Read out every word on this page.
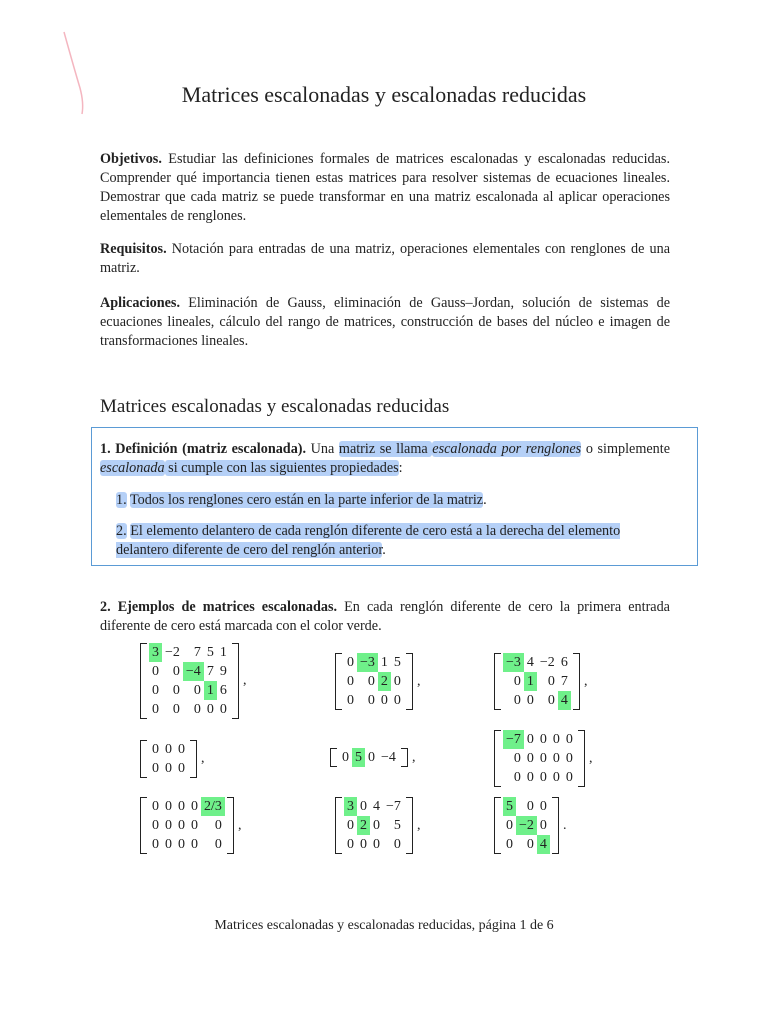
Matrices escalonadas y escalonadas reducidas
Objetivos. Estudiar las definiciones formales de matrices escalonadas y escalonadas reducidas. Comprender qué importancia tienen estas matrices para resolver sistemas de ecuaciones lineales. Demostrar que cada matriz se puede transformar en una matriz escalonada al aplicar operaciones elementales de renglones.
Requisitos. Notación para entradas de una matriz, operaciones elementales con renglones de una matriz.
Aplicaciones. Eliminación de Gauss, eliminación de Gauss–Jordan, solución de sistemas de ecuaciones lineales, cálculo del rango de matrices, construcción de bases del núcleo e imagen de transformaciones lineales.
Matrices escalonadas y escalonadas reducidas
1. Definición (matriz escalonada). Una matriz se llama escalonada por renglones o simplemente escalonada si cumple con las siguientes propiedades:
1. Todos los renglones cero están en la parte inferior de la matriz.
2. El elemento delantero de cada renglón diferente de cero está a la derecha del elemento delantero diferente de cero del renglón anterior.
2. Ejemplos de matrices escalonadas. En cada renglón diferente de cero la primera entrada diferente de cero está marcada con el color verde.
3	−2	7	5	1
0	0	−4	7	9
0	0	0	1	6
0	0	0	0	0
,
0	−3	1	5
0	0	2	0
0	0	0	0
,
−3	4	−2	6
0	1	0	7
0	0	0	4
,
0	0	0
0	0	0
,	0	5	0	−4 ,
−7	0	0	0	0
0	0	0	0	0
0	0	0	0	0
,
0	0	0	0	2/3
0	0	0	0	0
0	0	0	0	0
,
3	0	4	−7
0	2	0	5
0	0	0	0
,
5	0	0
0	−2	0
0	0	4
.
Matrices escalonadas y escalonadas reducidas, página 1 de 6
